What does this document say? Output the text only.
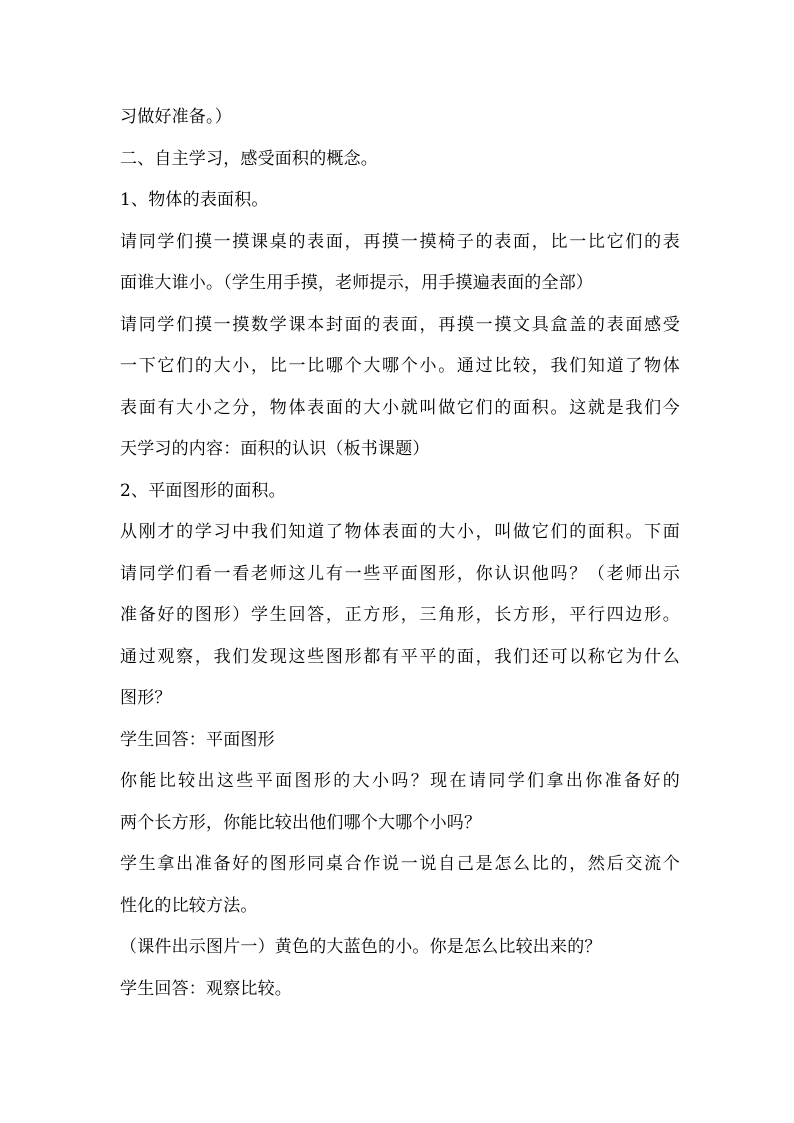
习做好准备。）
二、自主学习，感受面积的概念。
1、物体的表面积。
请同学们摸一摸课桌的表面，再摸一摸椅子的表面，比一比它们的表
面谁大谁小。（学生用手摸，老师提示，用手摸遍表面的全部）
请同学们摸一摸数学课本封面的表面，再摸一摸文具盒盖的表面感受
一下它们的大小，比一比哪个大哪个小。通过比较，我们知道了物体
表面有大小之分，物体表面的大小就叫做它们的面积。这就是我们今
天学习的内容：面积的认识（板书课题）
2、平面图形的面积。
从刚才的学习中我们知道了物体表面的大小，叫做它们的面积。下面
请同学们看一看老师这儿有一些平面图形，你认识他吗？（老师出示
准备好的图形）学生回答，正方形，三角形，长方形，平行四边形。
通过观察，我们发现这些图形都有平平的面，我们还可以称它为什么
图形？
学生回答：平面图形
你能比较出这些平面图形的大小吗？现在请同学们拿出你准备好的
两个长方形，你能比较出他们哪个大哪个小吗？
学生拿出准备好的图形同桌合作说一说自己是怎么比的，然后交流个
性化的比较方法。
（课件出示图片一）黄色的大蓝色的小。你是怎么比较出来的？
学生回答：观察比较。
